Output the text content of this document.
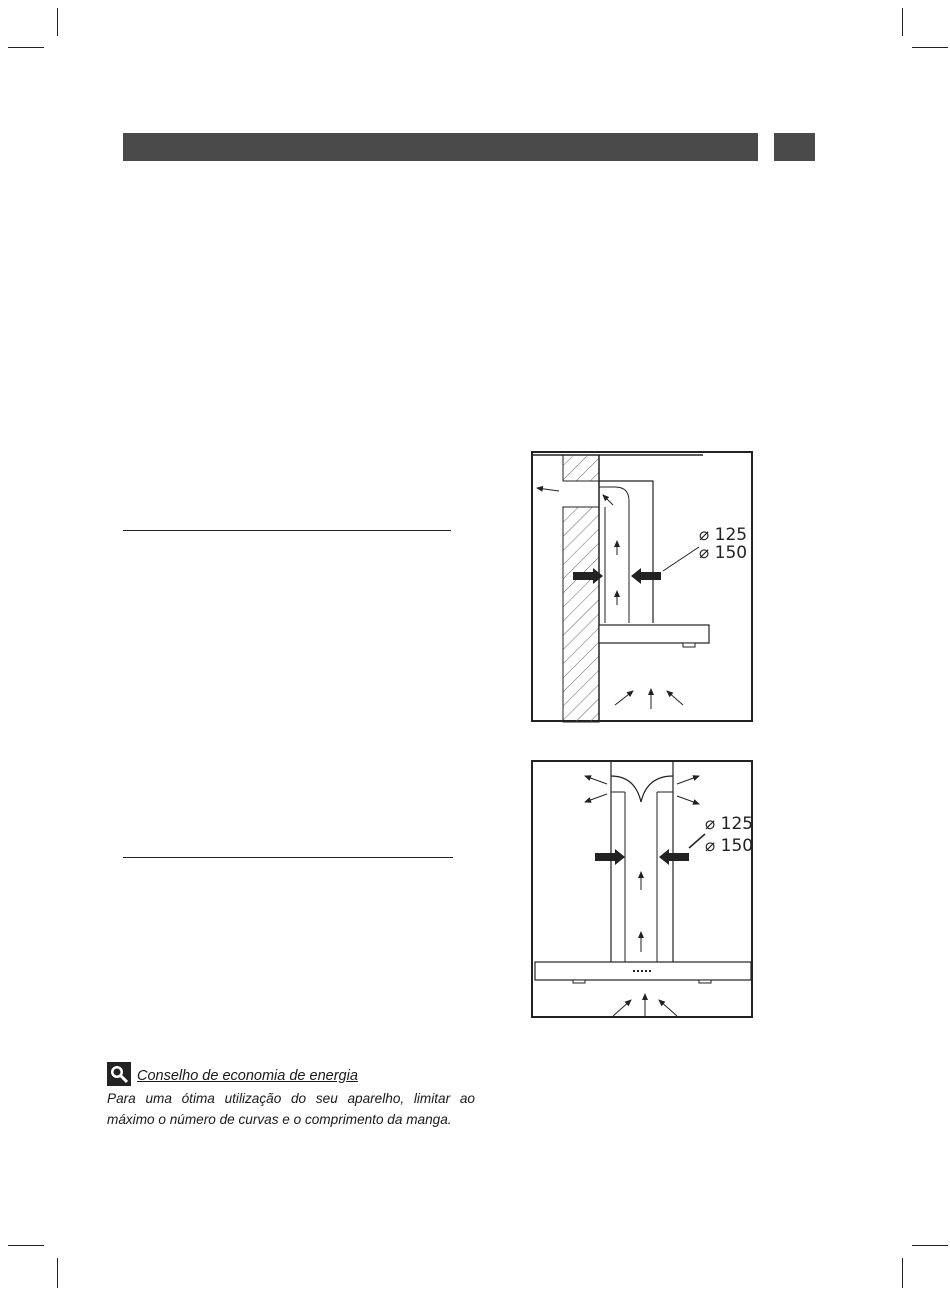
⌀ 125
⌀ 150
⌀ 125
⌀ 150
Conselho de economia de energia
Para uma ótima utilização do seu aparelho, limitar ao máximo o número de curvas e o comprimento da manga.
